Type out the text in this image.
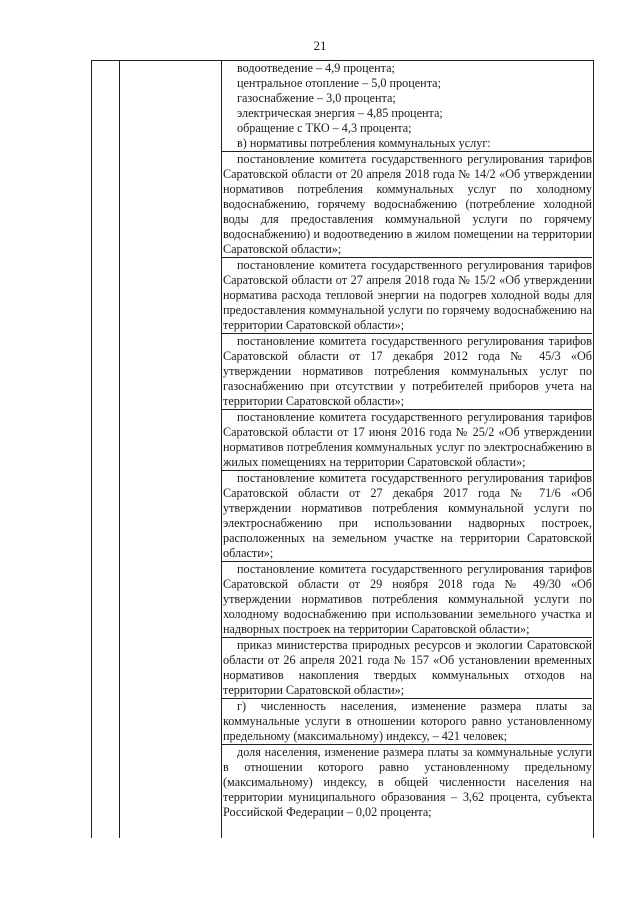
21

водоотведение – 4,9 процента;

центральное отопление – 5,0 процента;

газоснабжение – 3,0 процента;

электрическая энергия – 4,85 процента;

обращение с ТКО – 4,3 процента;

в) нормативы потребления коммунальных услуг:

постановление комитета государственного регулирования тарифов Саратовской области от 20 апреля 2018 года № 14/2 «Об утверждении нормативов потребления коммунальных услуг по холодному водоснабжению, горячему водоснабжению (потребление холодной воды для предоставления коммунальной услуги по горячему водоснабжению) и водоотведению в жилом помещении на территории Саратовской области»;

постановление комитета государственного регулирования тарифов Саратовской области от 27 апреля 2018 года № 15/2 «Об утверждении норматива расхода тепловой энергии на подогрев холодной воды для предоставления коммунальной услуги по горячему водоснабжению на территории Саратовской области»;

постановление комитета государственного регулирования тарифов Саратовской области от 17 декабря 2012 года № 45/3 «Об утверждении нормативов потребления коммунальных услуг по газоснабжению при отсутствии у потребителей приборов учета на территории Саратовской области»;

постановление комитета государственного регулирования тарифов Саратовской области от 17 июня 2016 года № 25/2 «Об утверждении нормативов потребления коммунальных услуг по электроснабжению в жилых помещениях на территории Саратовской области»;

постановление комитета государственного регулирования тарифов Саратовской области от 27 декабря 2017 года № 71/6 «Об утверждении нормативов потребления коммунальной услуги по электроснабжению при использовании надворных построек, расположенных на земельном участке на территории Саратовской области»;

постановление комитета государственного регулирования тарифов Саратовской области от 29 ноября 2018 года № 49/30 «Об утверждении нормативов потребления коммунальной услуги по холодному водоснабжению при использовании земельного участка и надворных построек на территории Саратовской области»;

приказ министерства природных ресурсов и экологии Саратовской области от 26 апреля 2021 года № 157 «Об установлении временных нормативов накопления твердых коммунальных отходов на территории Саратовской области»;

г) численность населения, изменение размера платы за коммунальные услуги в отношении которого равно установленному предельному (максимальному) индексу, – 421 человек;

доля населения, изменение размера платы за коммунальные услуги в отношении которого равно установленному предельному (максимальному) индексу, в общей численности населения на территории муниципального образования – 3,62 процента, субъекта Российской Федерации – 0,02 процента;
